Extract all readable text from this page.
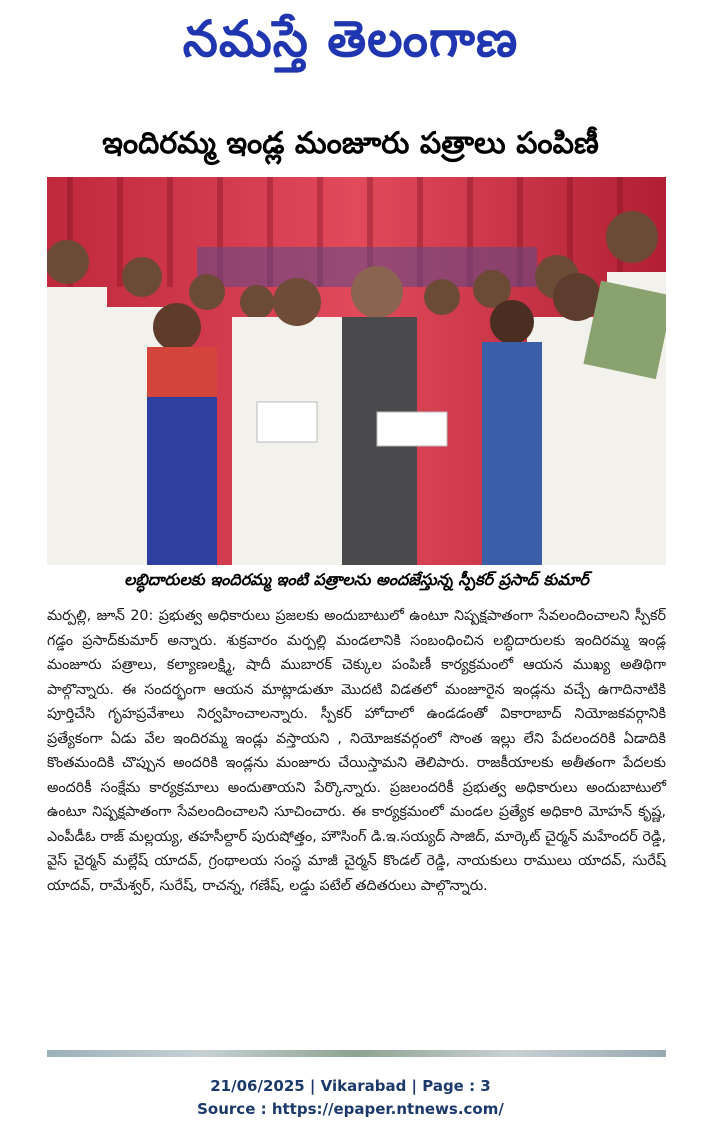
నమస్తే తెలంగాణ
ఇందిరమ్మ ఇండ్ల మంజూరు పత్రాలు పంపిణీ
లబ్ధిదారులకు ఇందిరమ్మ ఇంటి పత్రాలను అందజేస్తున్న స్పీకర్ ప్రసాద్ కుమార్

మర్పల్లి, జూన్ 20: ప్రభుత్వ అధికారులు ప్రజలకు అందుబాటులో ఉంటూ నిష్పక్షపాతంగా సేవలందించాలని స్పీకర్ గడ్డం ప్రసాద్‌కుమార్ అన్నారు. శుక్రవారం మర్పల్లి మండలానికి సంబంధించిన లబ్ధిదారులకు ఇందిరమ్మ ఇండ్ల మంజూరు పత్రాలు, కల్యాణలక్ష్మి, షాదీ ముబారక్ చెక్కుల పంపిణీ కార్యక్రమంలో ఆయన ముఖ్య అతిథిగా పాల్గొన్నారు. ఈ సందర్భంగా ఆయన మాట్లాడుతూ మొదటి విడతలో మంజూరైన ఇండ్లను వచ్చే ఉగాదినాటికి పూర్తిచేసి గృహప్రవేశాలు నిర్వహించాలన్నారు. స్పీకర్ హోదాలో ఉండడంతో వికారాబాద్ నియోజకవర్గానికి ప్రత్యేకంగా ఏడు వేల ఇందిరమ్మ ఇండ్లు వస్తాయని , నియోజకవర్గంలో సొంత ఇల్లు లేని పేదలందరికి ఏడాదికి కొంతమందికి చొప్పున అందరికి ఇండ్లను మంజూరు చేయిస్తామని తెలిపారు. రాజకీయాలకు అతీతంగా పేదలకు అందరికీ సంక్షేమ కార్యక్రమాలు అందుతాయని పేర్కొన్నారు. ప్రజలందరికీ ప్రభుత్వ అధికారులు అందుబాటులో ఉంటూ నిష్పక్షపాతంగా సేవలందించాలని సూచించారు. ఈ కార్యక్రమంలో మండల ప్రత్యేక అధికారి మోహన్ కృష్ణ, ఎంపీడీఓ రాజ్ మల్లయ్య, తహసీల్దార్ పురుషోత్తం, హౌసింగ్ డి.ఇ.సయ్యద్ సాజిద్, మార్కెట్ చైర్మన్ మహేందర్ రెడ్డి, వైస్ చైర్మన్ మల్లేష్ యాదవ్, గ్రంథాలయ సంస్థ మాజీ చైర్మన్ కొండల్ రెడ్డి, నాయకులు రాములు యాదవ్, సురేష్ యాదవ్, రామేశ్వర్, సురేష్, రాచన్న, గణేష్, లడ్డు పటేల్ తదితరులు పాల్గొన్నారు.

21/06/2025 | Vikarabad | Page : 3
Source : https://epaper.ntnews.com/
